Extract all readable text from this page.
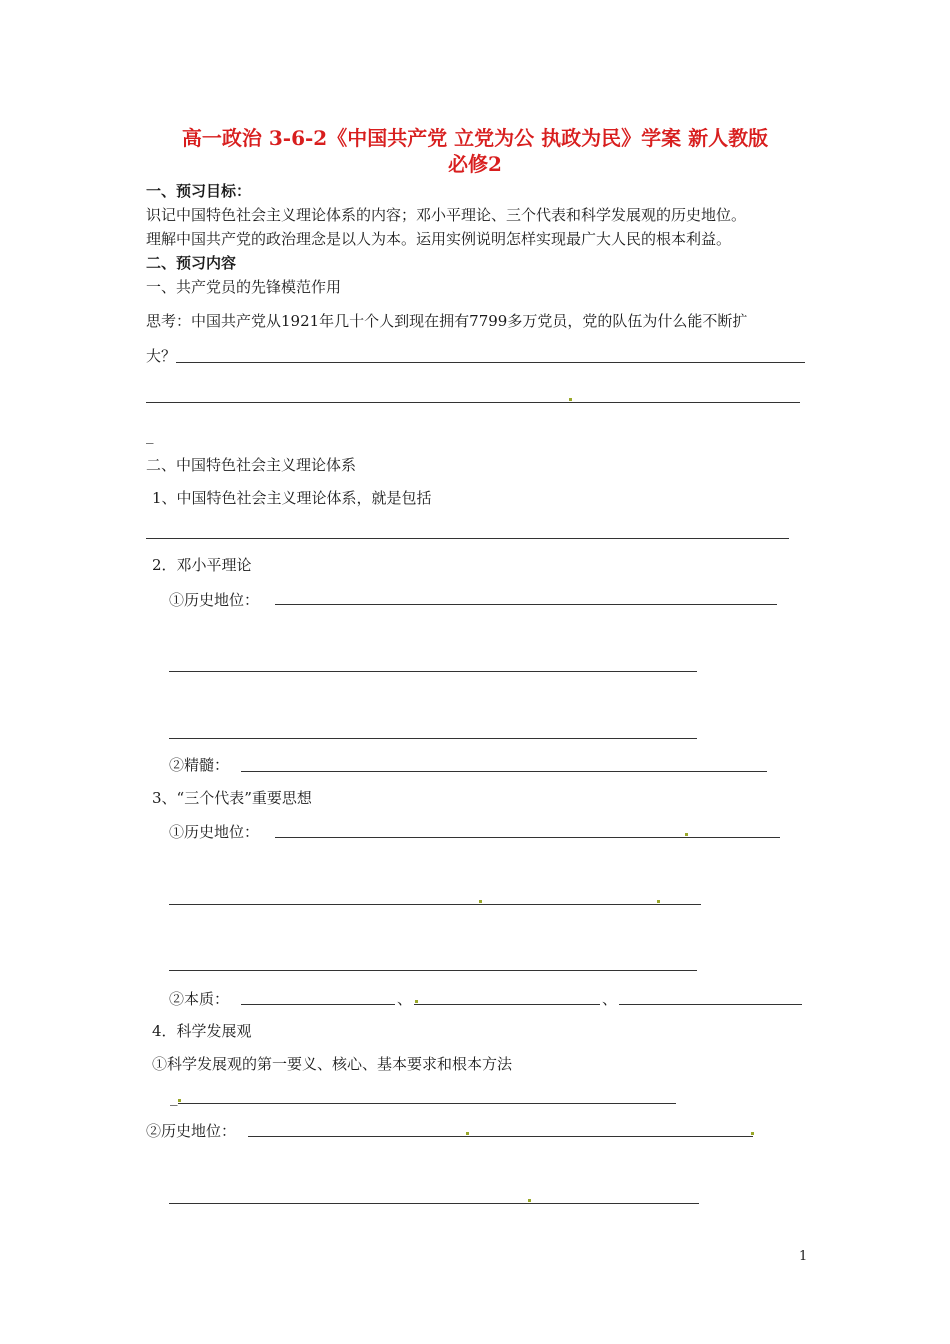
高一政治 3-6-2《中国共产党 立党为公 执政为民》学案 新人教版
必修2
一、预习目标：
识记中国特色社会主义理论体系的内容；邓小平理论、三个代表和科学发展观的历史地位。
理解中国共产党的政治理念是以人为本。运用实例说明怎样实现最广大人民的根本利益。
二、预习内容
一、共产党员的先锋模范作用
思考：中国共产党从1921年几十个人到现在拥有7799多万党员，党的队伍为什么能不断扩
大？
_
二、中国特色社会主义理论体系
1、中国特色社会主义理论体系，就是包括
2．邓小平理论
①历史地位：
②精髓：
3、“三个代表”重要思想
①历史地位：
②本质：	、	、
4．科学发展观
①科学发展观的第一要义、核心、基本要求和根本方法
_
②历史地位：
1
